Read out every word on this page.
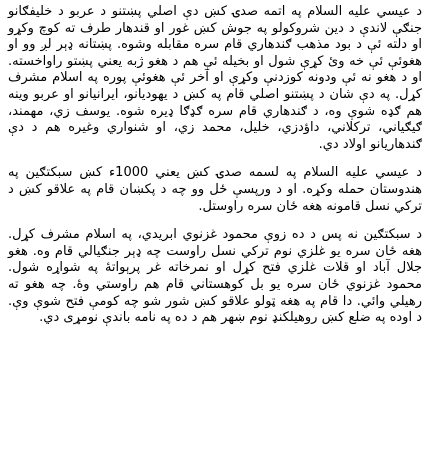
د عيسي عليه السلام په اتمه صدۍ كښ دې اصلي پښتنو د عربو د خليفګانو جنګې لاندې د دين شروكولو په جوش كښ غور او قندهار طرف ته كوچ وكړو او دلته ئې د بود مذهب ګندهاري قام سره مقابله وشوه. پښتانه ډېر لږ وو او هغوئې ئې خه وئ كړې شول او بخيله ئې هم د هغو ژبه يعني پښتو راواخسته. او د هغو نه ئې ودونه كوزدنې وكړې او آخر ئې هغوئې پوره په اسلام مشرف كړل. په دې شان د پښتنو اصلي قام په كښ د يهوديانو، ايرانيانو او عربو وينه هم ګډه شوې وه، د ګندهاري قام سره ګډګا ډيره شوه. يوسف زي، مهمند، ګيګياني، تركلاني، داؤدزي، خليل، محمد زي، او شنواري وغيره هم د دې ګندهاريانو اولاد دي.

د عيسي عليه السلام په لسمه صدۍ كښ يعني 1000ء كښ سبكتګين په هندوستان حمله وكړه. او د ورپسې ځل وو چه د پكښان قام په علاقو كښ د تركي نسل قامونه هغه ځان سره راوستل.

د سبكتګين نه پس د ده زوې محمود غزنوي ابريدي، په اسلام مشرف كړل. هغه ځان سره يو غلزي نوم تركي نسل راوست چه ډېر جنګيالي قام وه. هغو جلال آباد او قلات غلزي فتح كړل او نمرخاته غر پرېواتۀ په شواړه شول. محمود غزنوي ځان سره يو بل كوهستاني قام هم راوستي وۀ. چه هغو ته رهيلي وائي. دا قام په هغه ټولو علاقو كښ شور شو چه كومې فتح شوې وې. د اوده په ضلع كښ روهيلكنډ نوم ښهر هم د ده په نامه باندې نومړى دي.
